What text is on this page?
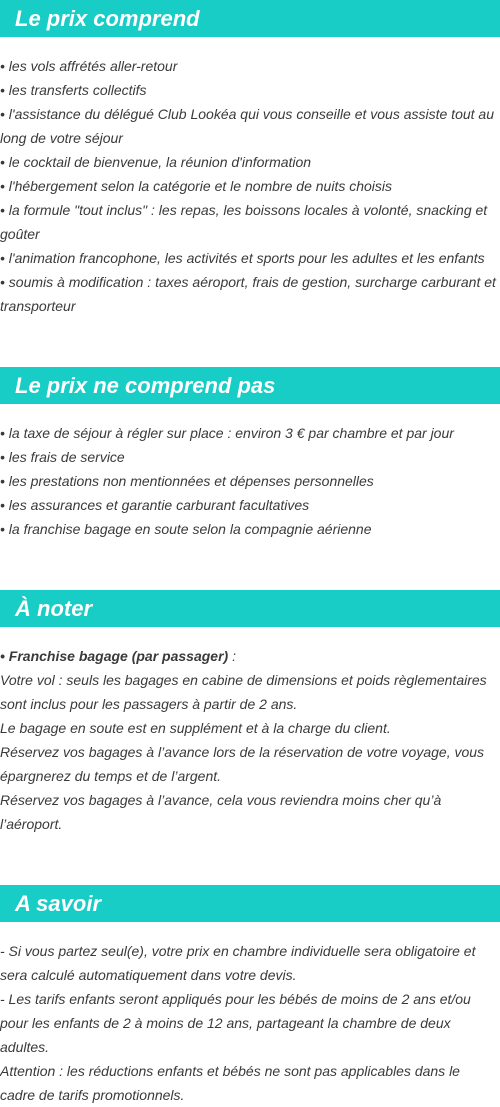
Le prix comprend
• les vols affrétés aller-retour
• les transferts collectifs
• l'assistance du délégué Club Lookéa qui vous conseille et vous assiste tout au long de votre séjour
• le cocktail de bienvenue, la réunion d'information
• l'hébergement selon la catégorie et le nombre de nuits choisis
• la formule "tout inclus" : les repas, les boissons locales à volonté, snacking et goûter
• l'animation francophone, les activités et sports pour les adultes et les enfants
• soumis à modification : taxes aéroport, frais de gestion, surcharge carburant et transporteur
Le prix ne comprend pas
• la taxe de séjour à régler sur place : environ 3 € par chambre et par jour
• les frais de service
• les prestations non mentionnées et dépenses personnelles
• les assurances et garantie carburant facultatives
• la franchise bagage en soute selon la compagnie aérienne
À noter
• Franchise bagage (par passager) :
Votre vol : seuls les bagages en cabine de dimensions et poids règlementaires sont inclus pour les passagers à partir de 2 ans.
Le bagage en soute est en supplément et à la charge du client.
Réservez vos bagages à l’avance lors de la réservation de votre voyage, vous épargnerez du temps et de l’argent.
Réservez vos bagages à l’avance, cela vous reviendra moins cher qu’à l’aéroport.
A savoir
- Si vous partez seul(e), votre prix en chambre individuelle sera obligatoire et sera calculé automatiquement dans votre devis.
- Les tarifs enfants seront appliqués pour les bébés de moins de 2 ans et/ou pour les enfants de 2 à moins de 12 ans, partageant la chambre de deux adultes.
Attention : les réductions enfants et bébés ne sont pas applicables dans le cadre de tarifs promotionnels.
